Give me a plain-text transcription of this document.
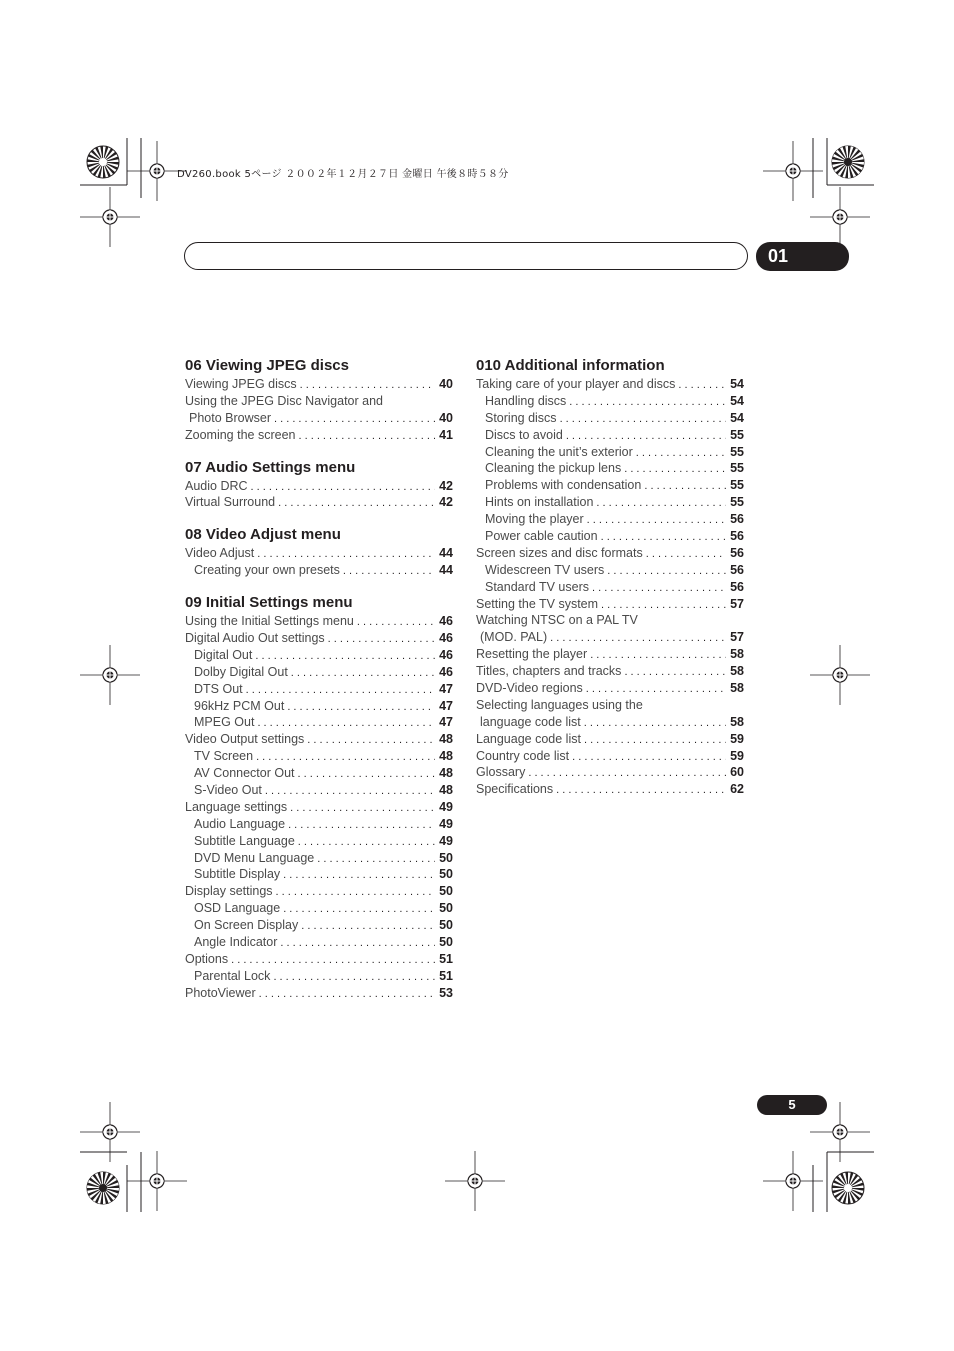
DV260.book 5ページ ２００２年１２月２７日 金曜日 午後８時５８分
01
06 Viewing JPEG discs
Viewing JPEG discs . . .	40
Using the JPEG Disc Navigator and
Photo Browser . . .	40
Zooming the screen . . .	41
07 Audio Settings menu
Audio DRC . . .	42
Virtual Surround . . .	42
08 Video Adjust menu
Video Adjust . . .	44
Creating your own presets . . .	44
09 Initial Settings menu
Using the Initial Settings menu . . .	46
Digital Audio Out settings . . .	46
Digital Out . . .	46
Dolby Digital Out . . .	46
DTS Out . . .	47
96kHz PCM Out . . .	47
MPEG Out . . .	47
Video Output settings . . .	48
TV Screen . . .	48
AV Connector Out . . .	48
S-Video Out . . .	48
Language settings . . .	49
Audio Language . . .	49
Subtitle Language . . .	49
DVD Menu Language . . .	50
Subtitle Display . . .	50
Display settings . . .	50
OSD Language . . .	50
On Screen Display . . .	50
Angle Indicator . . .	50
Options . . .	51
Parental Lock . . .	51
PhotoViewer . . .	53
010 Additional information
Taking care of your player and discs . . .	54
Handling discs . . .	54
Storing discs . . .	54
Discs to avoid . . .	55
Cleaning the unit’s exterior . . .	55
Cleaning the pickup lens . . .	55
Problems with condensation . . .	55
Hints on installation . . .	55
Moving the player . . .	56
Power cable caution . . .	56
Screen sizes and disc formats . . .	56
Widescreen TV users . . .	56
Standard TV users . . .	56
Setting the TV system . . .	57
Watching NTSC on a PAL TV
(MOD. PAL) . . .	57
Resetting the player . . .	58
Titles, chapters and tracks . . .	58
DVD-Video regions . . .	58
Selecting languages using the
language code list . . .	58
Language code list . . .	59
Country code list . . .	59
Glossary . . .	60
Specifications . . .	62
5
